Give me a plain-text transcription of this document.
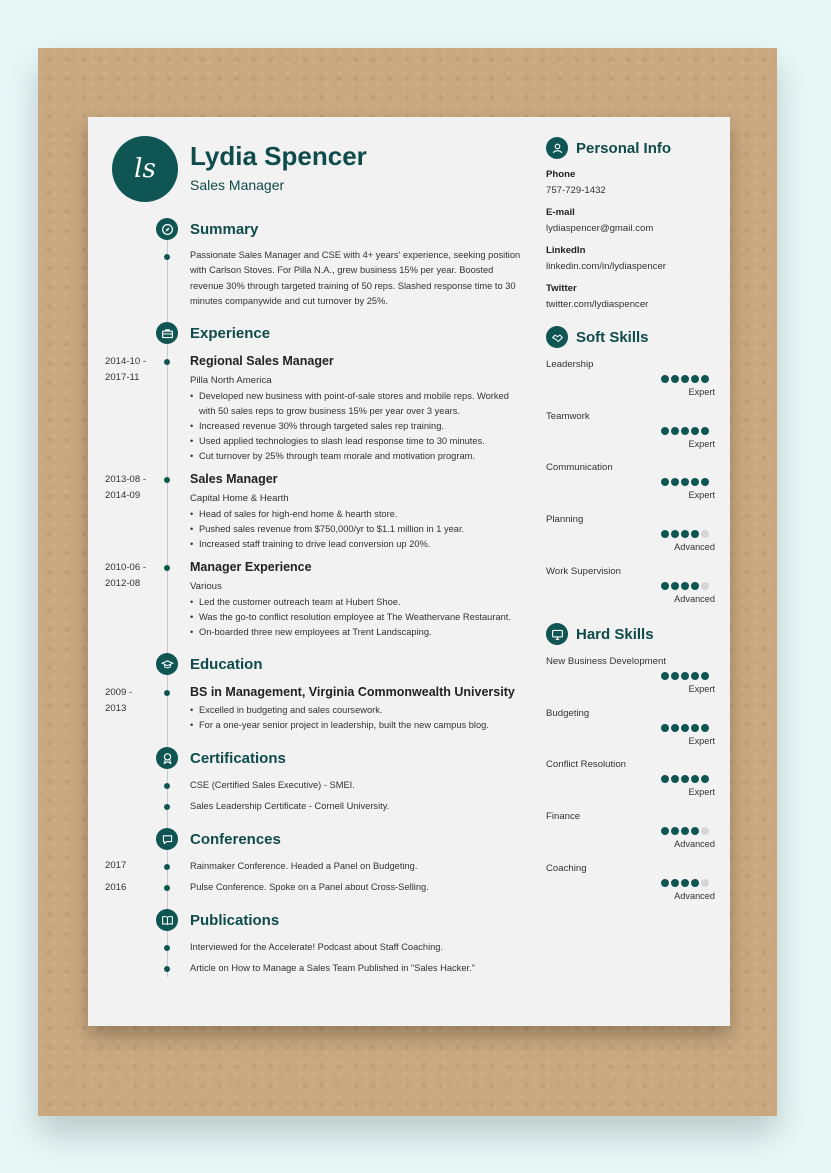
ls Lydia Spencer
Sales Manager
Summary
Passionate Sales Manager and CSE with 4+ years' experience, seeking position
with Carlson Stoves. For Pilla N.A., grew business 15% per year. Boosted
revenue 30% through targeted training of 50 reps. Slashed response time to 30
minutes companywide and cut turnover by 25%.
Experience
2014-10 -
2017-11
Regional Sales Manager
Pilla North America
• Developed new business with point-of-sale stores and mobile reps. Worked
with 50 sales reps to grow business 15% per year over 3 years.
• Increased revenue 30% through targeted sales rep training.
• Used applied technologies to slash lead response time to 30 minutes.
• Cut turnover by 25% through team morale and motivation program.
2013-08 -
2014-09
Sales Manager
Capital Home & Hearth
• Head of sales for high-end home & hearth store.
• Pushed sales revenue from $750,000/yr to $1.1 million in 1 year.
• Increased staff training to drive lead conversion up 20%.
2010-06 -
2012-08
Manager Experience
Various
• Led the customer outreach team at Hubert Shoe.
• Was the go-to conflict resolution employee at The Weathervane Restaurant.
• On-boarded three new employees at Trent Landscaping.
Education
2009 -
2013
BS in Management, Virginia Commonwealth University
• Excelled in budgeting and sales coursework.
• For a one-year senior project in leadership, built the new campus blog.
Certifications
CSE (Certified Sales Executive) - SMEI.
Sales Leadership Certificate - Cornell University.
Conferences
2017	Rainmaker Conference. Headed a Panel on Budgeting.
2016	Pulse Conference. Spoke on a Panel about Cross-Selling.
Publications
Interviewed for the Accelerate! Podcast about Staff Coaching.
Article on How to Manage a Sales Team Published in "Sales Hacker."
Personal Info
Phone
757-729-1432
E-mail
lydiaspencer@gmail.com
LinkedIn
linkedin.com/in/lydiaspencer
Twitter
twitter.com/lydiaspencer
Soft Skills
Leadership
Expert
Teamwork
Expert
Communication
Expert
Planning
Advanced
Work Supervision
Advanced
Hard Skills
New Business Development
Expert
Budgeting
Expert
Conflict Resolution
Expert
Finance
Advanced
Coaching
Advanced
